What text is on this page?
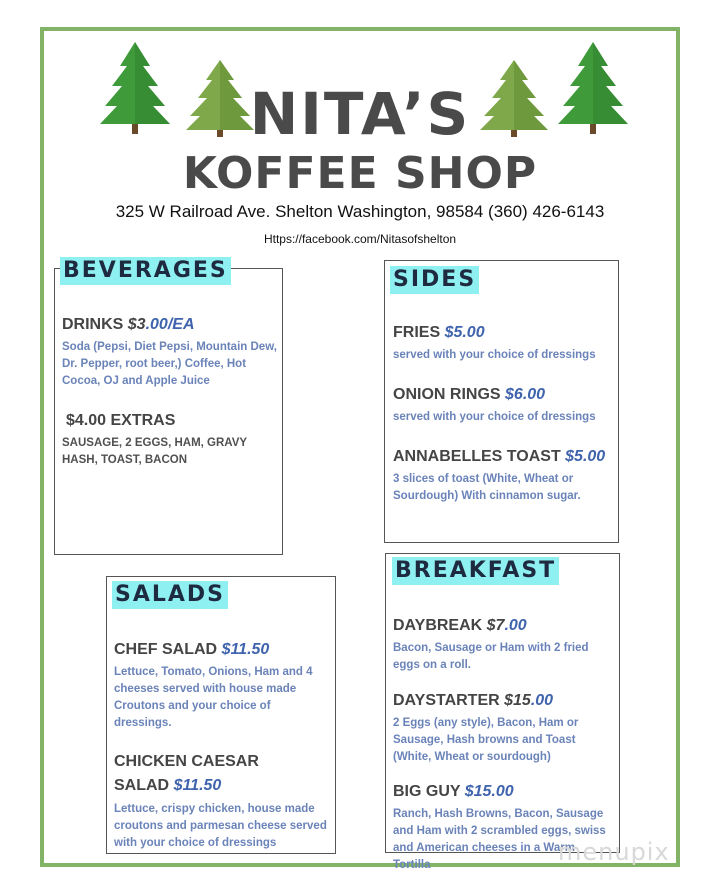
NITA’S
KOFFEE SHOP
325 W Railroad Ave. Shelton Washington, 98584 (360) 426-6143
Https://facebook.com/Nitasofshelton
BEVERAGES
DRINKS $3.00/EA
Soda (Pepsi, Diet Pepsi, Mountain Dew, Dr. Pepper, root beer,) Coffee, Hot Cocoa, OJ and Apple Juice
$4.00 EXTRAS
SAUSAGE, 2 EGGS, HAM, GRAVY HASH, TOAST, BACON
SIDES
FRIES $5.00
served with your choice of dressings
ONION RINGS $6.00
served with your choice of dressings
ANNABELLES TOAST $5.00
3 slices of toast (White, Wheat or Sourdough) With cinnamon sugar.
SALADS
CHEF SALAD $11.50
Lettuce, Tomato, Onions, Ham and 4 cheeses served with house made Croutons and your choice of dressings.
CHICKEN CAESAR SALAD $11.50
Lettuce, crispy chicken, house made croutons and parmesan cheese served with your choice of dressings
BREAKFAST
DAYBREAK $7.00
Bacon, Sausage or Ham with 2 fried eggs on a roll.
DAYSTARTER $15.00
2 Eggs (any style), Bacon, Ham or Sausage, Hash browns and Toast (White, Wheat or sourdough)
BIG GUY $15.00
Ranch, Hash Browns, Bacon, Sausage and Ham with 2 scrambled eggs, swiss and American cheeses in a Warm Tortilla	menupix
